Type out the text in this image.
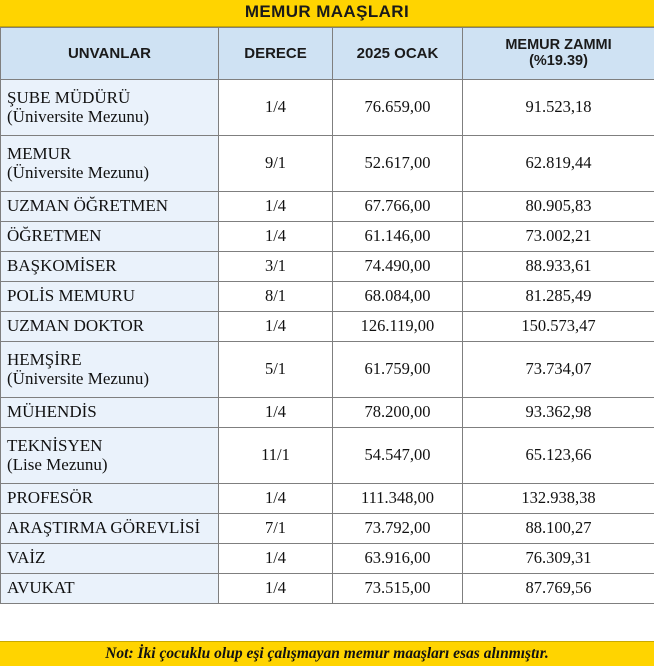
MEMUR MAAŞLARI
UNVANLAR	DERECE	2025 OCAK	MEMUR ZAMMI
(%19.39)

ŞUBE MÜDÜRÜ
(Üniversite Mezunu)	1/4	76.659,00	91.523,18

MEMUR
(Üniversite Mezunu)	9/1	52.617,00	62.819,44

UZMAN ÖĞRETMEN	1/4	67.766,00	80.905,83

ÖĞRETMEN	1/4	61.146,00	73.002,21

BAŞKOMİSER	3/1	74.490,00	88.933,61

POLİS MEMURU	8/1	68.084,00	81.285,49

UZMAN DOKTOR	1/4	126.119,00	150.573,47

HEMŞİRE
(Üniversite Mezunu)	5/1	61.759,00	73.734,07

MÜHENDİS	1/4	78.200,00	93.362,98

TEKNİSYEN
(Lise Mezunu)	11/1	54.547,00	65.123,66

PROFESÖR	1/4	111.348,00	132.938,38

ARAŞTIRMA GÖREVLİSİ	7/1	73.792,00	88.100,27

VAİZ	1/4	63.916,00	76.309,31

AVUKAT	1/4	73.515,00	87.769,56
Not: İki çocuklu olup eşi çalışmayan memur maaşları esas alınmıştır.
